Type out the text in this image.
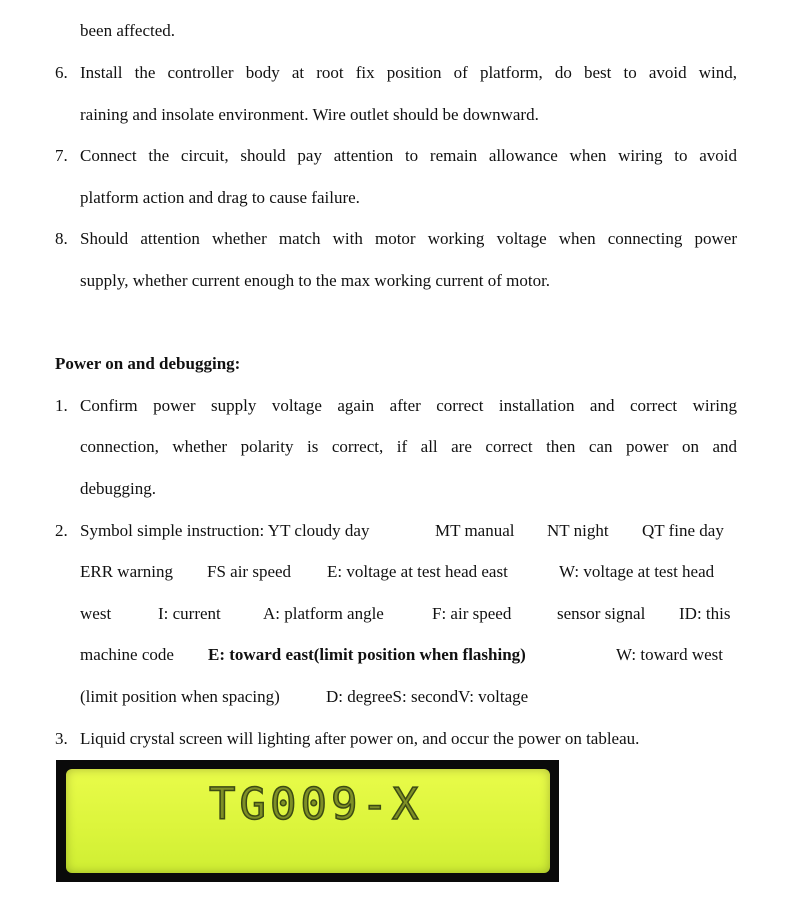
been affected.
6. Install the controller body at root fix position of platform, do best to avoid wind,
raining and insolate environment. Wire outlet should be downward.
7. Connect the circuit, should pay attention to remain allowance when wiring to avoid
platform action and drag to cause failure.
8. Should attention whether match with motor working voltage when connecting power
supply, whether current enough to the max working current of motor.
Power on and debugging:
1. Confirm power supply voltage again after correct installation and correct wiring
connection, whether polarity is correct, if all are correct then can power on and
debugging.
2. Symbol simple instruction: YT cloudy day	MT manual NT night QT fine day
ERR warning FS air speed E: voltage at test head east	W: voltage at test head
west	I: current A: platform angle	F: air speed	sensor signal ID: this
machine code E: toward east(limit position when flashing)	W: toward west
(limit position when spacing)	D: degreeS: secondV: voltage
3. Liquid crystal screen will lighting after power on, and occur the power on tableau.
TG009-X
